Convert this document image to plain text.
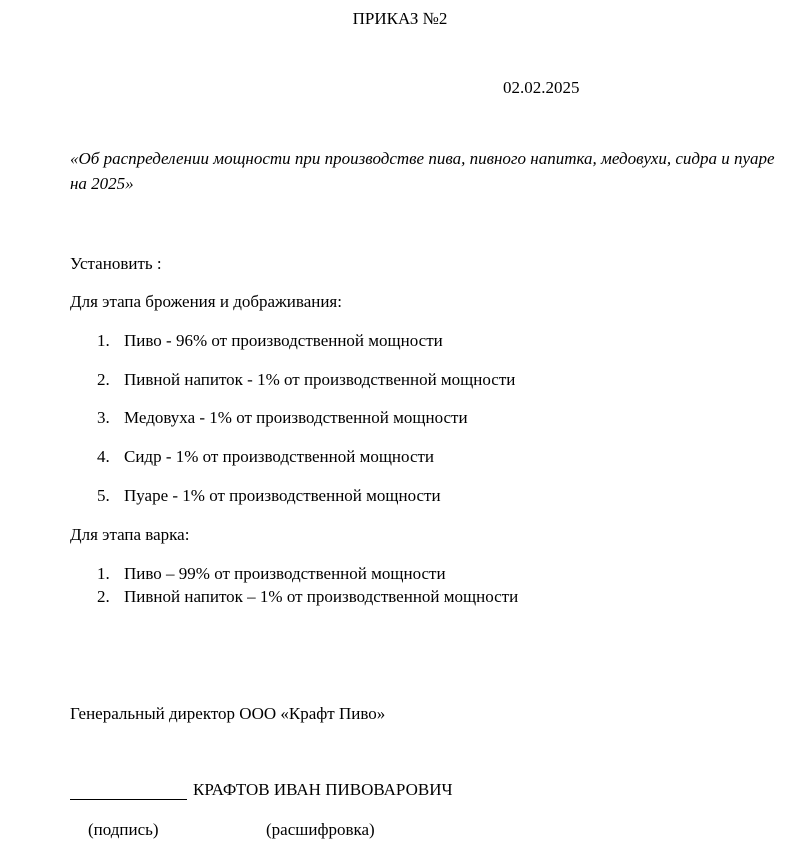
ПРИКАЗ №2
02.02.2025
«Об распределении мощности при производстве пива, пивного напитка, медовухи, сидра и пуаре на 2025»
Установить :
Для этапа брожения и дображивания:
1. Пиво - 96% от производственной мощности
2. Пивной напиток - 1% от производственной мощности
3. Медовуха - 1% от производственной мощности
4. Сидр - 1% от производственной мощности
5. Пуаре - 1% от производственной мощности
Для этапа варка:
1. Пиво – 99% от производственной мощности
2. Пивной напиток – 1% от производственной мощности
Генеральный директор ООО «Крафт Пиво»
КРАФТОВ ИВАН ПИВОВАРОВИЧ
(подпись)	(расшифровка)
